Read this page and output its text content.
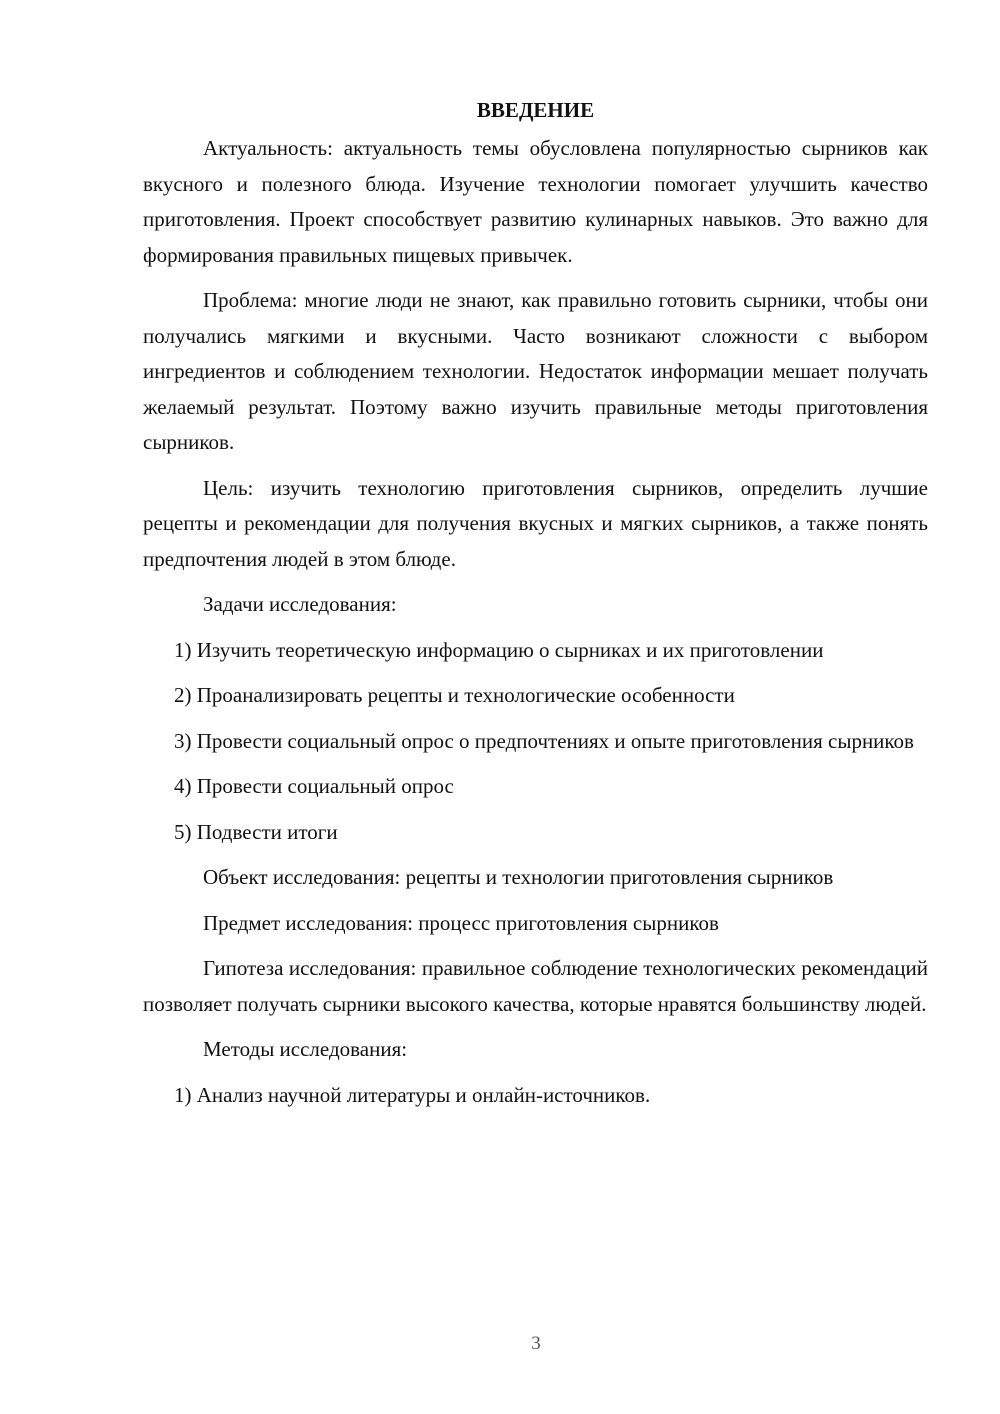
ВВЕДЕНИЕ

Актуальность: актуальность темы обусловлена популярностью сырников как вкусного и полезного блюда. Изучение технологии помогает улучшить качество приготовления. Проект способствует развитию кулинарных навыков. Это важно для формирования правильных пищевых привычек.

Проблема: многие люди не знают, как правильно готовить сырники, чтобы они получались мягкими и вкусными. Часто возникают сложности с выбором ингредиентов и соблюдением технологии. Недостаток информации мешает получать желаемый результат. Поэтому важно изучить правильные методы приготовления сырников.

Цель: изучить технологию приготовления сырников, определить лучшие рецепты и рекомендации для получения вкусных и мягких сырников, а также понять предпочтения людей в этом блюде.

Задачи исследования:

1) Изучить теоретическую информацию о сырниках и их приготовлении

2) Проанализировать рецепты и технологические особенности

3) Провести социальный опрос о предпочтениях и опыте приготовления сырников

4) Провести социальный опрос

5) Подвести итоги

Объект исследования: рецепты и технологии приготовления сырников

Предмет исследования: процесс приготовления сырников

Гипотеза исследования: правильное соблюдение технологических рекомендаций позволяет получать сырники высокого качества, которые нравятся большинству людей.

Методы исследования:

1) Анализ научной литературы и онлайн-источников.

3
